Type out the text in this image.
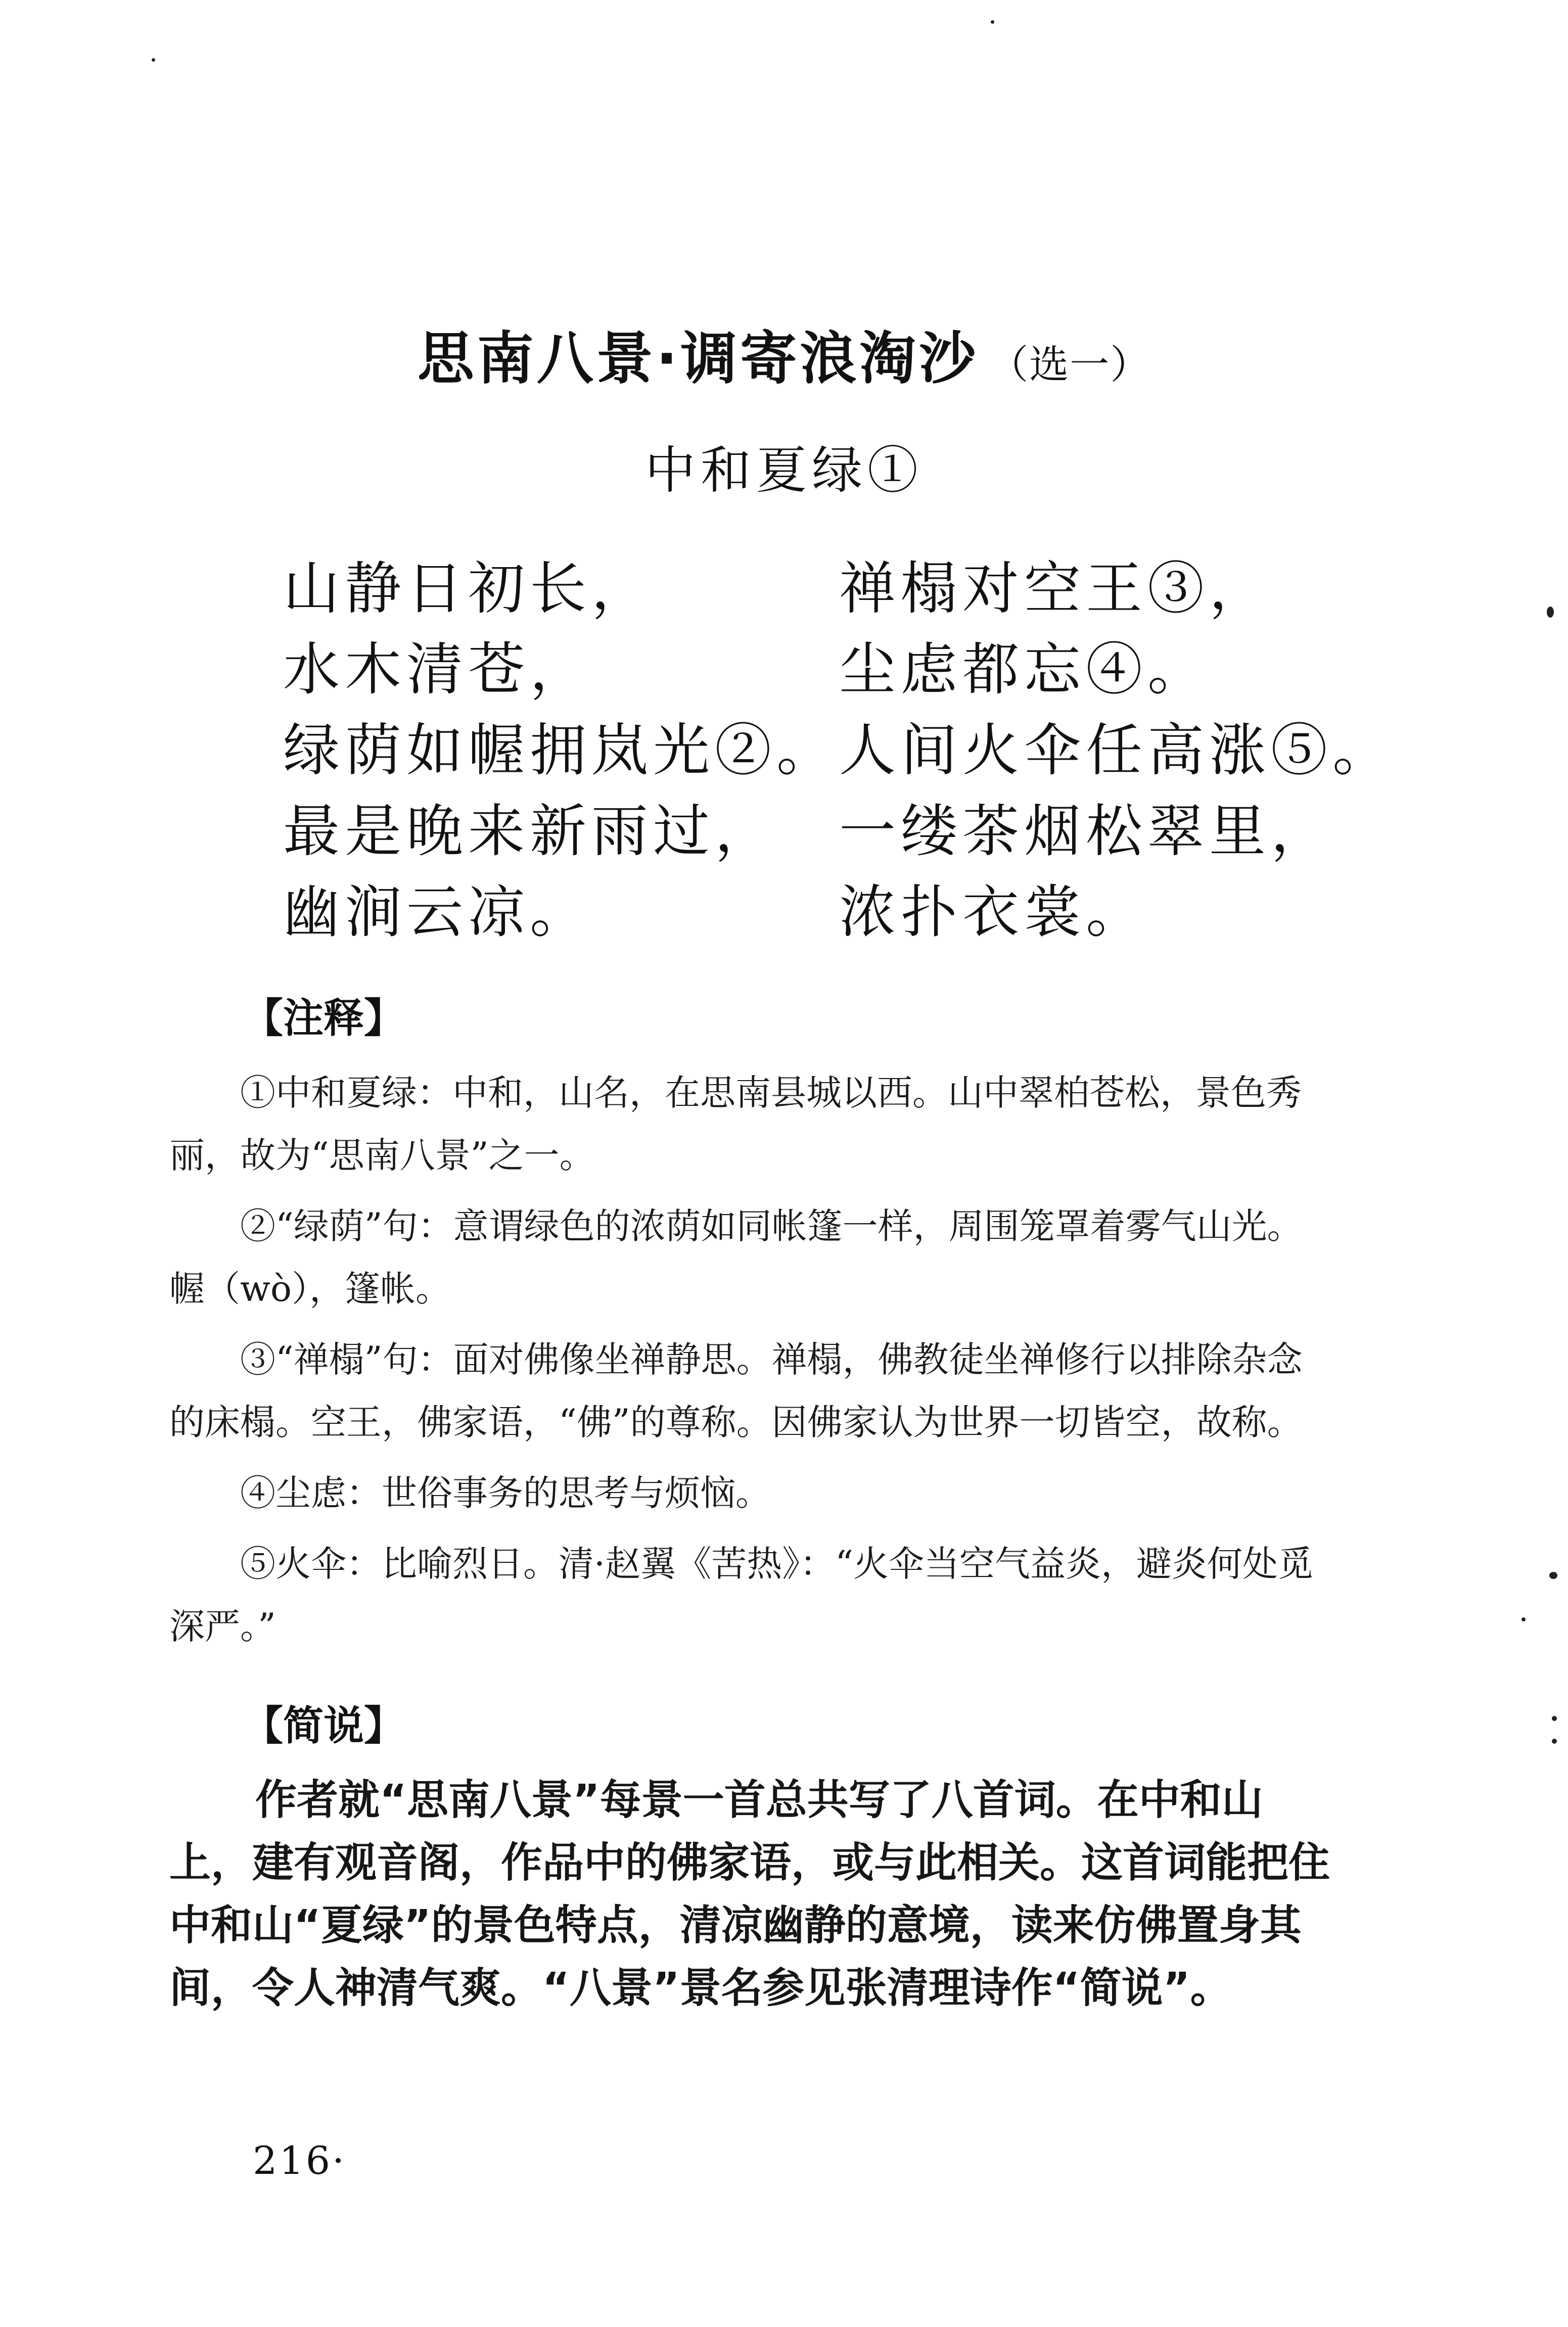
思南八景·调寄浪淘沙 （选一）
中和夏绿①
山静日初长，
水木清苍，
绿荫如幄拥岚光②。
最是晚来新雨过，
幽涧云凉。
禅榻对空王③，
尘虑都忘④。
人间火伞任高涨⑤。
一缕茶烟松翠里，
浓扑衣裳。
【注释】

①中和夏绿：中和，山名，在思南县城以西。山中翠柏苍松，景色秀丽，故为“思南八景”之一。

②“绿荫”句：意谓绿色的浓荫如同帐篷一样，周围笼罩着雾气山光。幄（wò），篷帐。

③“禅榻”句：面对佛像坐禅静思。禅榻，佛教徒坐禅修行以排除杂念的床榻。空王，佛家语，“佛”的尊称。因佛家认为世界一切皆空，故称。

④尘虑：世俗事务的思考与烦恼。

⑤火伞：比喻烈日。清·赵翼《苦热》：“火伞当空气益炎，避炎何处觅深严。”

【简说】
作者就“思南八景”每景一首总共写了八首词。在中和山上，建有观音阁，作品中的佛家语，或与此相关。这首词能把住中和山“夏绿”的景色特点，清凉幽静的意境，读来仿佛置身其间，令人神清气爽。“八景”景名参见张清理诗作“简说”。
216·
